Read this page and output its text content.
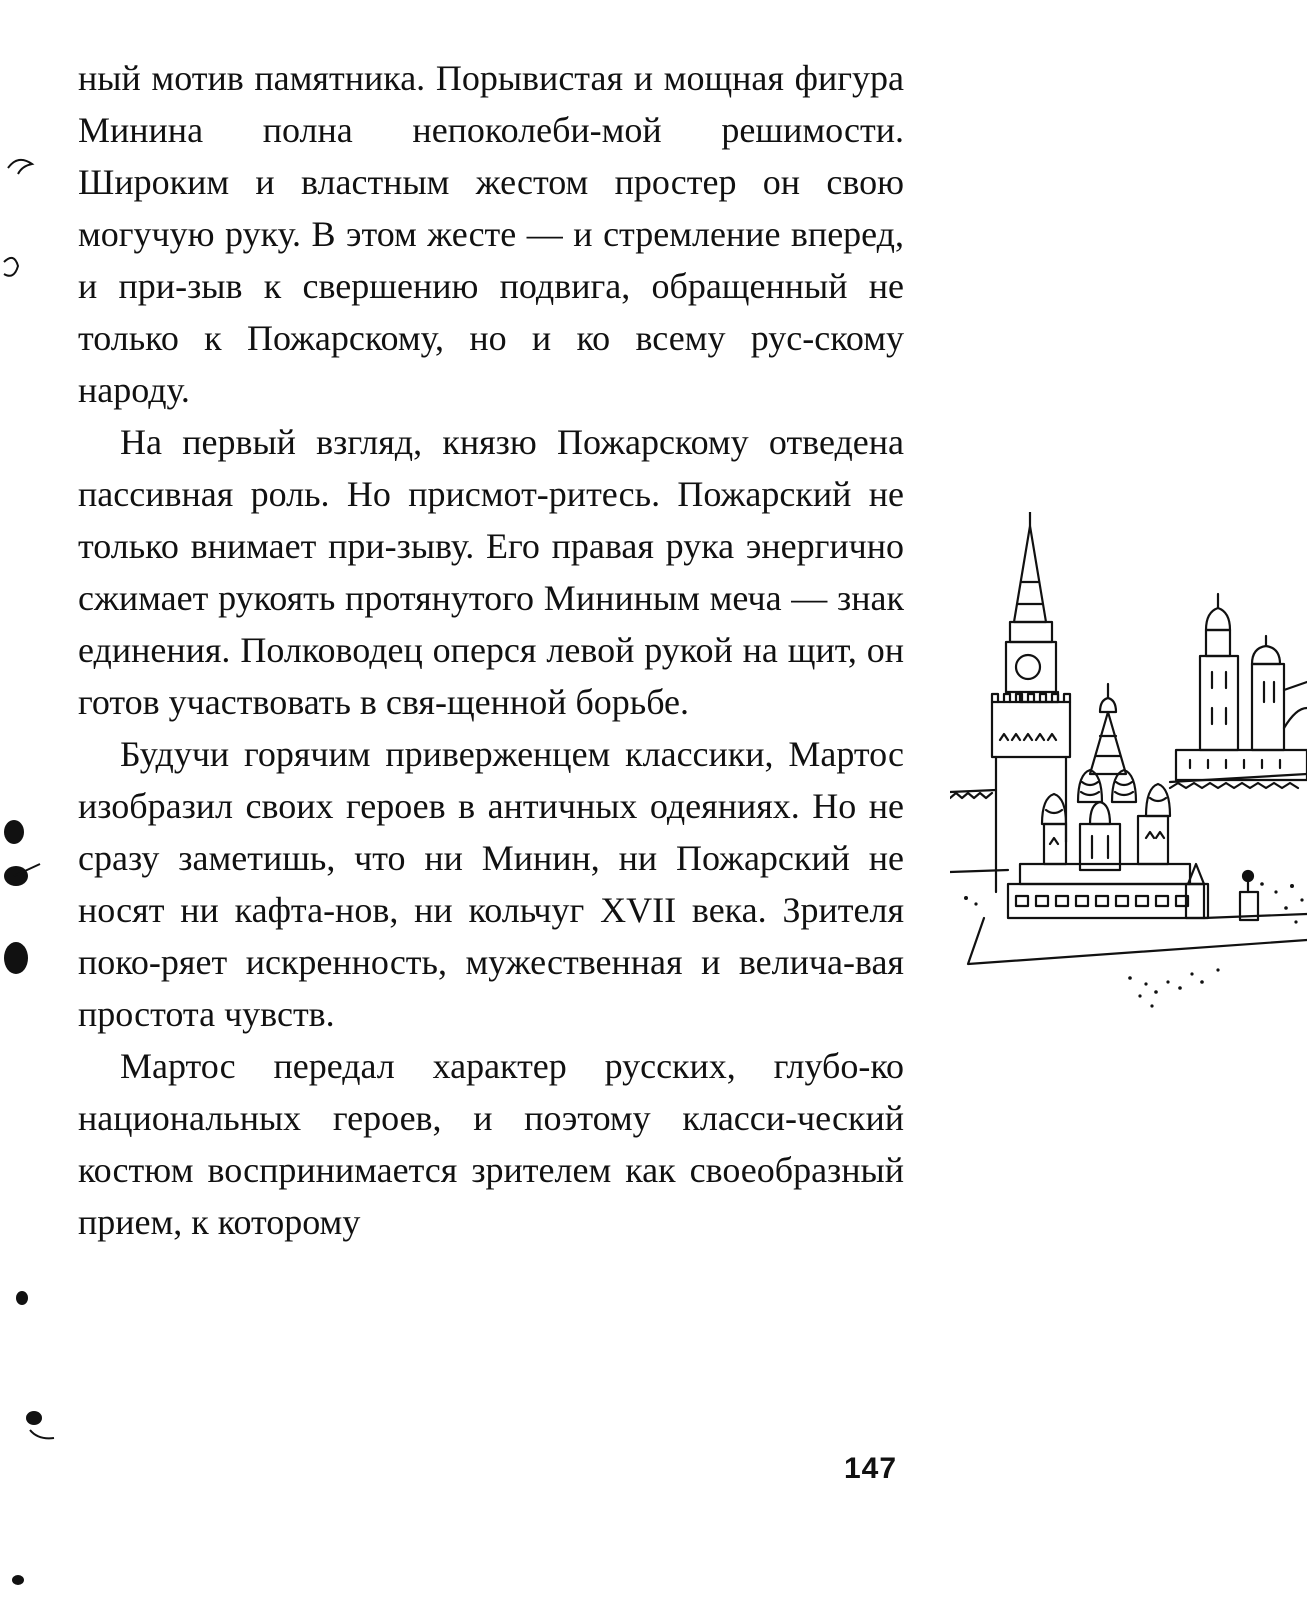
ный мотив памятника. Порывистая и мощная фигура Минина полна непоколеби-мой решимости. Широким и властным жестом простер он свою могучую руку. В этом жесте — и стремление вперед, и при-зыв к свершению подвига, обращенный не только к Пожарскому, но и ко всему рус-скому народу.

На первый взгляд, князю Пожарскому отведена пассивная роль. Но присмот-ритесь. Пожарский не только внимает при-зыву. Его правая рука энергично сжимает рукоять протянутого Мининым меча — знак единения. Полководец оперся левой рукой на щит, он готов участвовать в свя-щенной борьбе.

Будучи горячим приверженцем классики, Мартос изобразил своих героев в античных одеяниях. Но не сразу заметишь, что ни Минин, ни Пожарский не носят ни кафта-нов, ни кольчуг XVII века. Зрителя поко-ряет искренность, мужественная и велича-вая простота чувств.

Мартос передал характер русских, глубо-ко национальных героев, и поэтому класси-ческий костюм воспринимается зрителем как своеобразный прием, к которому

147
